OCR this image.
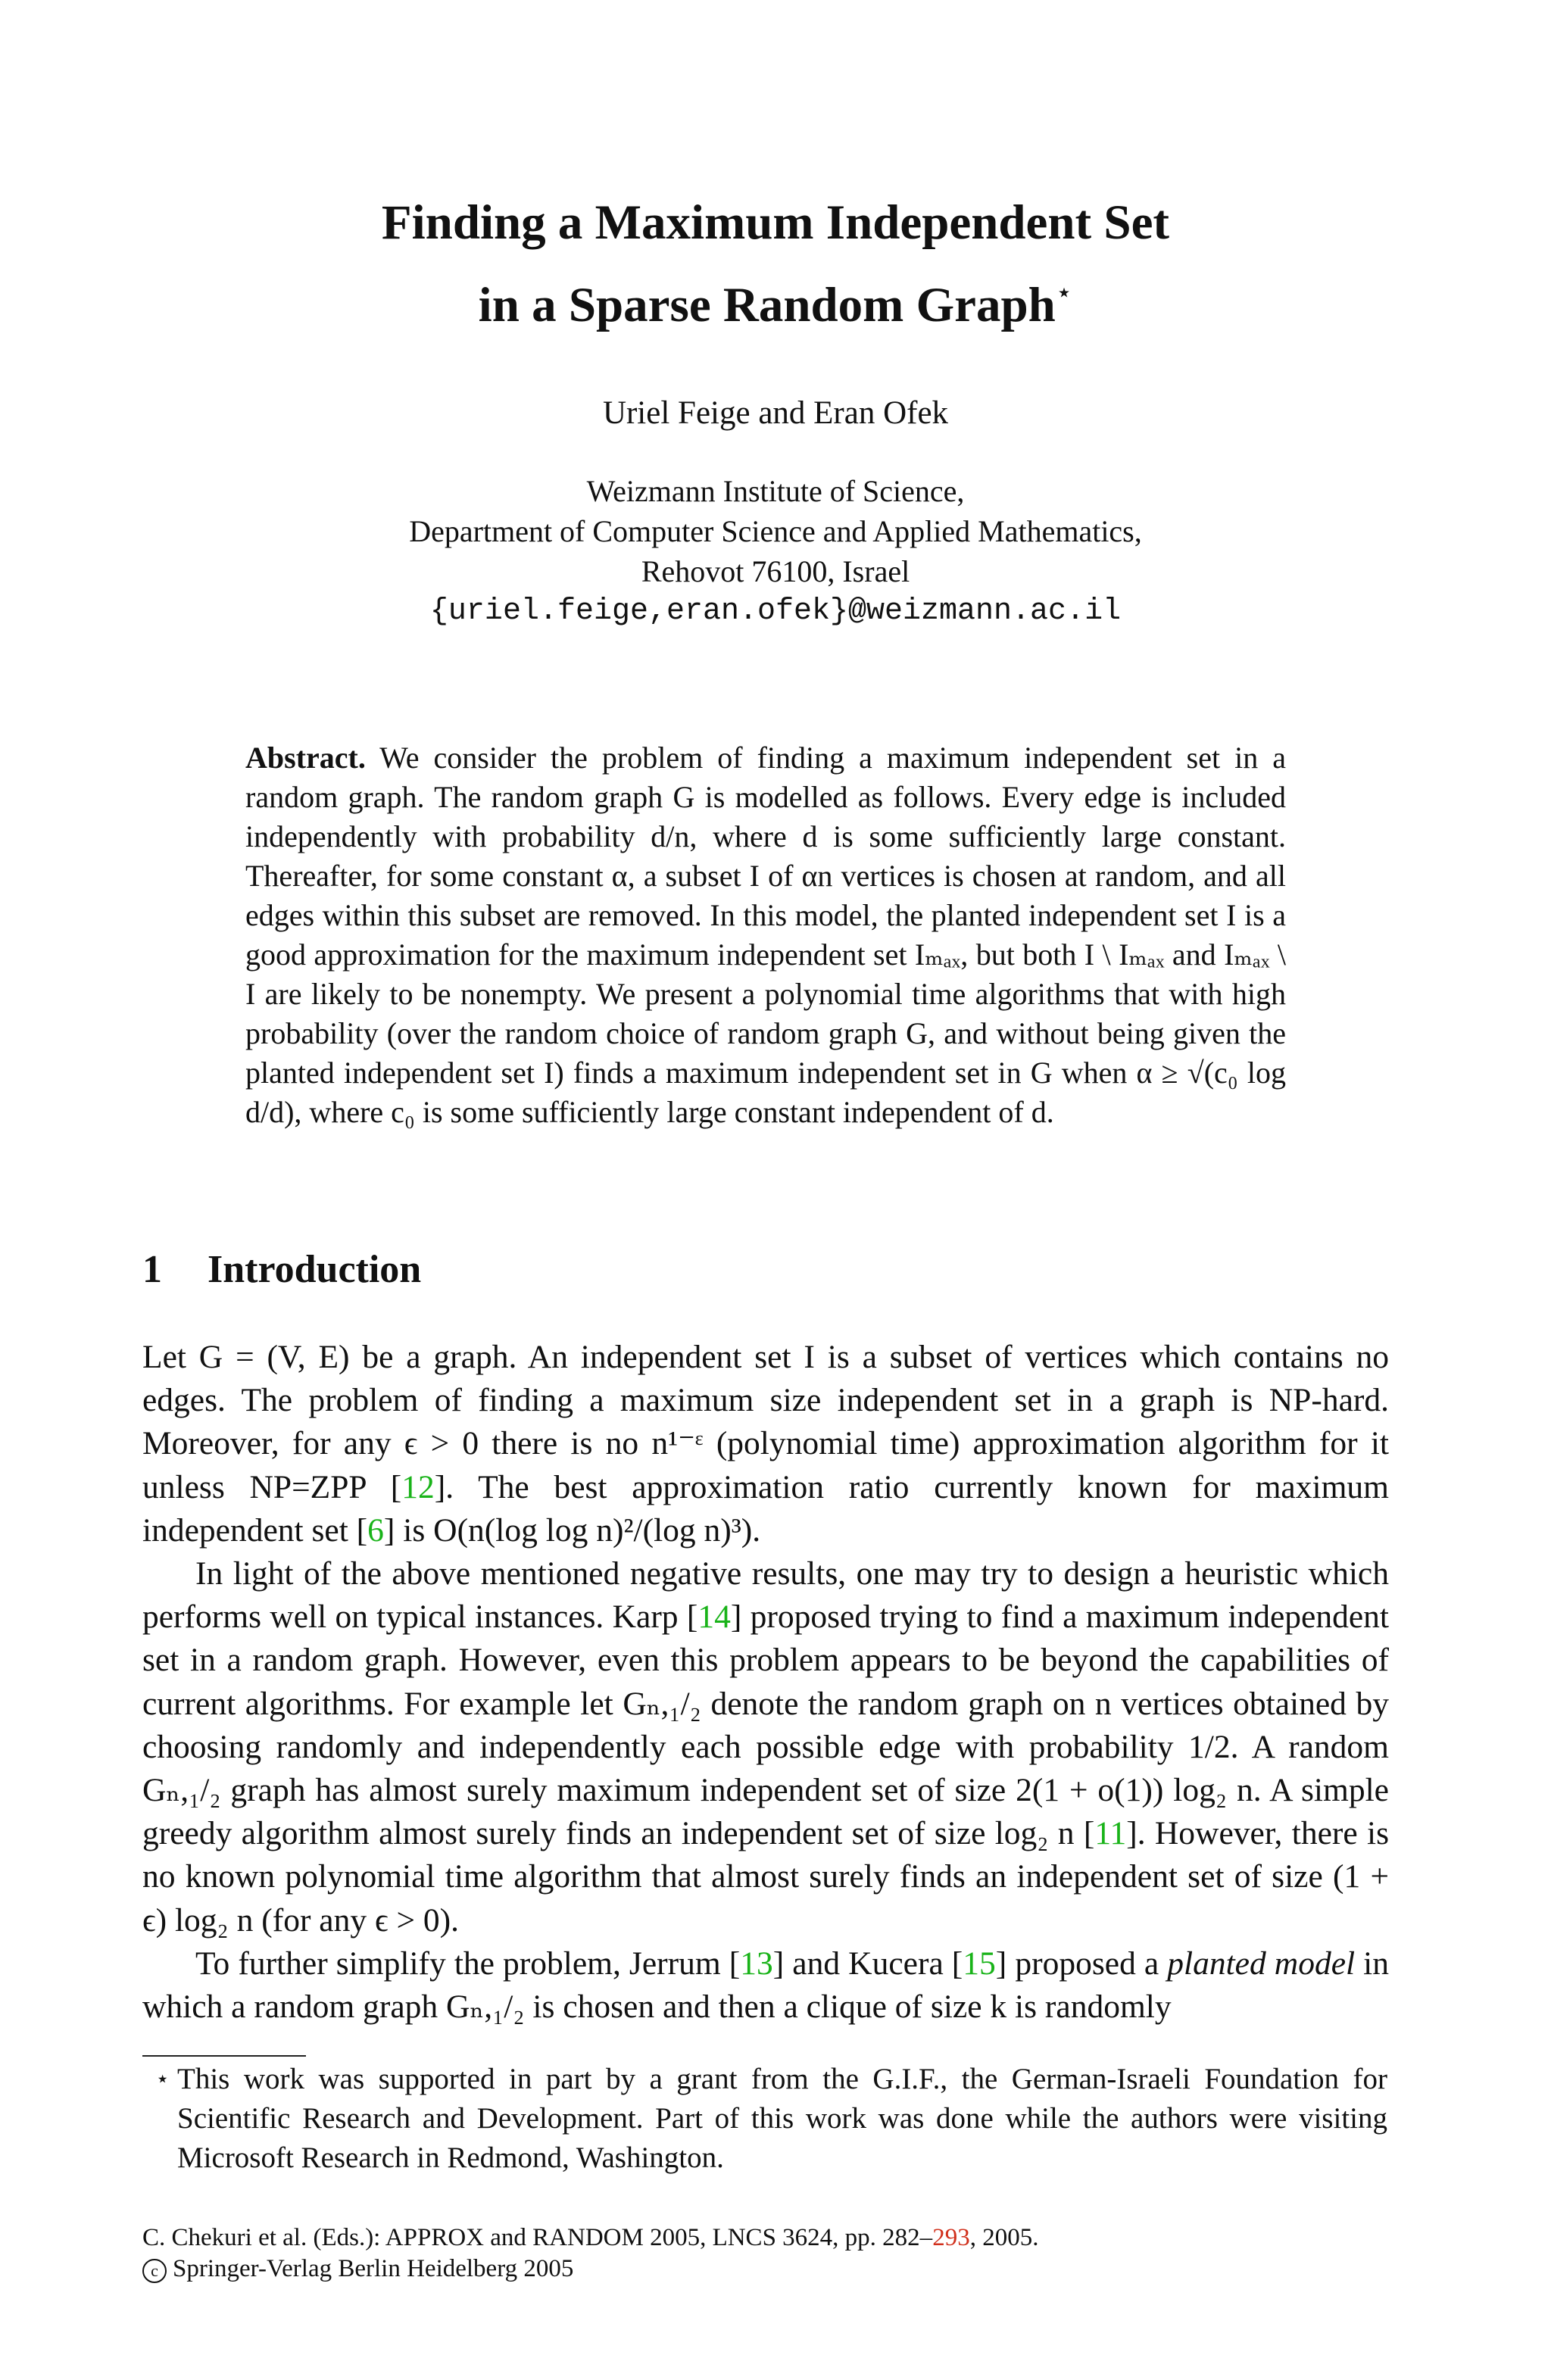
Finding a Maximum Independent Set
in a Sparse Random Graph⋆
Uriel Feige and Eran Ofek
Weizmann Institute of Science,
Department of Computer Science and Applied Mathematics,
Rehovot 76100, Israel
{uriel.feige,eran.ofek}@weizmann.ac.il

Abstract. We consider the problem of finding a maximum independent set in a random graph. The random graph G is modelled as follows. Every edge is included independently with probability d/n, where d is some sufficiently large constant. Thereafter, for some constant α, a subset I of αn vertices is chosen at random, and all edges within this subset are removed. In this model, the planted independent set I is a good approximation for the maximum independent set Iₘₐₓ, but both I \ Iₘₐₓ and Iₘₐₓ \ I are likely to be nonempty. We present a polynomial time algorithms that with high probability (over the random choice of random graph G, and without being given the planted independent set I) finds a maximum independent set in G when α ≥ √(c₀ log d/d), where c₀ is some sufficiently large constant independent of d.

1 Introduction

Let G = (V, E) be a graph. An independent set I is a subset of vertices which contains no edges. The problem of finding a maximum size independent set in a graph is NP-hard. Moreover, for any ϵ > 0 there is no n¹⁻ᵋ (polynomial time) approximation algorithm for it unless NP=ZPP [12]. The best approximation ratio currently known for maximum independent set [6] is O(n(log log n)²/(log n)³).

In light of the above mentioned negative results, one may try to design a heuristic which performs well on typical instances. Karp [14] proposed trying to find a maximum independent set in a random graph. However, even this problem appears to be beyond the capabilities of current algorithms. For example let Gₙ,₁/₂ denote the random graph on n vertices obtained by choosing randomly and independently each possible edge with probability 1/2. A random Gₙ,₁/₂ graph has almost surely maximum independent set of size 2(1 + o(1)) log₂ n. A simple greedy algorithm almost surely finds an independent set of size log₂ n [11]. However, there is no known polynomial time algorithm that almost surely finds an independent set of size (1 + ϵ) log₂ n (for any ϵ > 0).

To further simplify the problem, Jerrum [13] and Kucera [15] proposed a planted model in which a random graph Gₙ,₁/₂ is chosen and then a clique of size k is randomly

⋆ This work was supported in part by a grant from the G.I.F., the German-Israeli Foundation for Scientific Research and Development. Part of this work was done while the authors were visiting Microsoft Research in Redmond, Washington.
C. Chekuri et al. (Eds.): APPROX and RANDOM 2005, LNCS 3624, pp. 282–293, 2005.
c Springer-Verlag Berlin Heidelberg 2005
